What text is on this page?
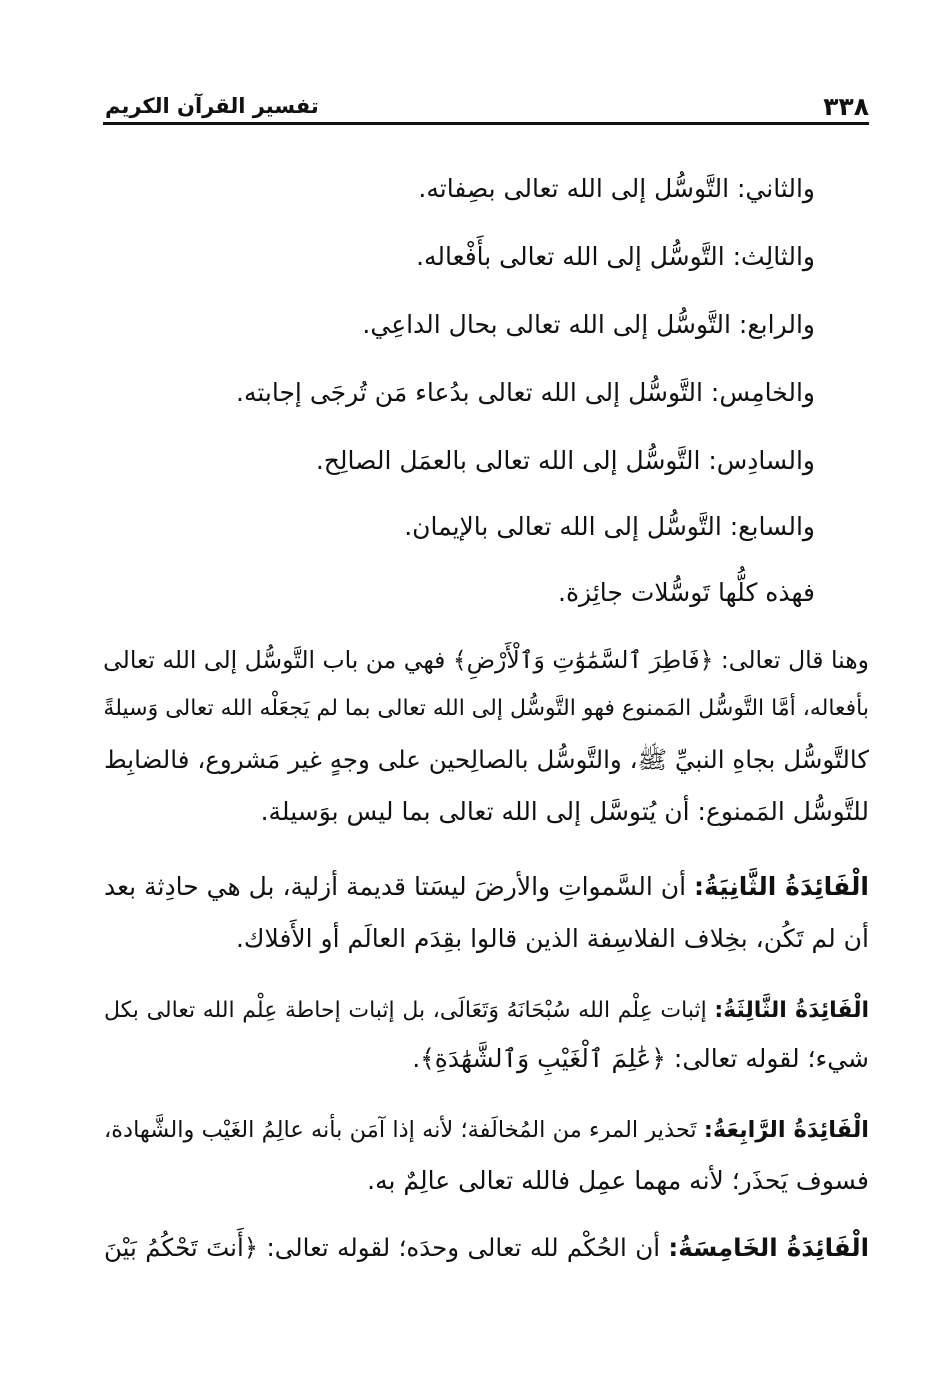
٣٣٨
تفسير القرآن الكريم
والثاني: التَّوسُّل إلى الله تعالى بصِفاته.
والثالِث: التَّوسُّل إلى الله تعالى بأَفْعاله.
والرابع: التَّوسُّل إلى الله تعالى بحال الداعِي.
والخامِس: التَّوسُّل إلى الله تعالى بدُعاء مَن تُرجَى إجابته.
والسادِس: التَّوسُّل إلى الله تعالى بالعمَل الصالِح.
والسابع: التَّوسُّل إلى الله تعالى بالإيمان.
فهذه كلُّها تَوسُّلات جائِزة.
وهنا قال تعالى: ﴿فَاطِرَ ٱلسَّمَٰوَٰتِ وَٱلْأَرْضِ﴾ فهي من باب التَّوسُّل إلى الله تعالى
بأفعاله، أمَّا التَّوسُّل المَمنوع فهو التَّوسُّل إلى الله تعالى بما لم يَجعَلْه الله تعالى وَسيلةً
كالتَّوسُّل بجاهِ النبيِّ ﷺ، والتَّوسُّل بالصالِحين على وجهٍ غير مَشروع، فالضابِط
للتَّوسُّل المَمنوع: أن يُتوسَّل إلى الله تعالى بما ليس بوَسيلة.
الْفَائِدَةُ الثَّانِيَةُ: أن السَّمواتِ والأرضَ ليسَتا قديمة أزلية، بل هي حادِثة بعد
أن لم تَكُن، بخِلاف الفلاسِفة الذين قالوا بقِدَم العالَم أو الأَفلاك.
الْفَائِدَةُ الثَّالِثَةُ: إثبات عِلْم الله سُبْحَانَهُ وَتَعَالَى، بل إثبات إحاطة عِلْم الله تعالى بكل
شيء؛ لقوله تعالى: ﴿عَٰلِمَ ٱلْغَيْبِ وَٱلشَّهَٰدَةِ﴾.
الْفَائِدَةُ الرَّابِعَةُ: تَحذير المرء من المُخالَفة؛ لأنه إذا آمَن بأنه عالِمُ الغَيْب والشَّهادة،
فسوف يَحذَر؛ لأنه مهما عمِل فالله تعالى عالِمٌ به.
الْفَائِدَةُ الخَامِسَةُ: أن الحُكْم لله تعالى وحدَه؛ لقوله تعالى: ﴿أَنتَ تَحْكُمُ بَيْنَ
